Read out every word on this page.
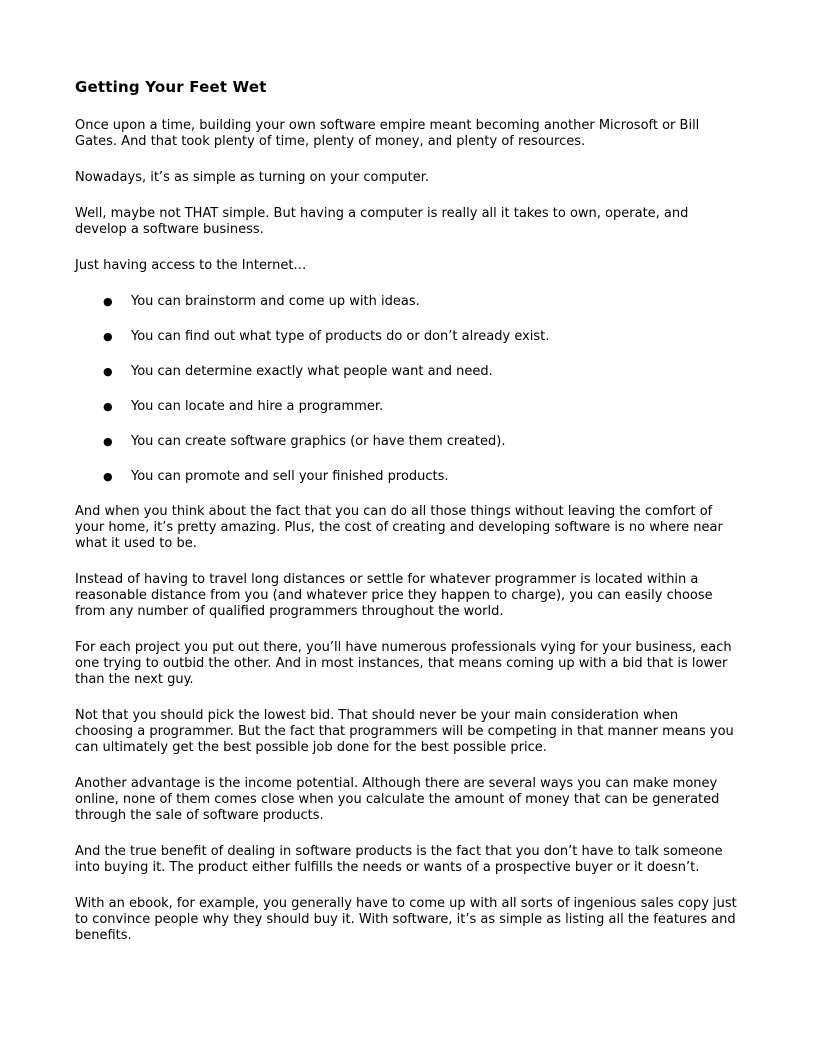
Getting Your Feet Wet

Once upon a time, building your own software empire meant becoming another Microsoft or Bill Gates. And that took plenty of time, plenty of money, and plenty of resources.

Nowadays, it’s as simple as turning on your computer.

Well, maybe not THAT simple. But having a computer is really all it takes to own, operate, and develop a software business.

Just having access to the Internet…

● You can brainstorm and come up with ideas.
● You can find out what type of products do or don’t already exist.
● You can determine exactly what people want and need.
● You can locate and hire a programmer.
● You can create software graphics (or have them created).
● You can promote and sell your finished products.

And when you think about the fact that you can do all those things without leaving the comfort of your home, it’s pretty amazing. Plus, the cost of creating and developing software is no where near what it used to be.

Instead of having to travel long distances or settle for whatever programmer is located within a reasonable distance from you (and whatever price they happen to charge), you can easily choose from any number of qualified programmers throughout the world.

For each project you put out there, you’ll have numerous professionals vying for your business, each one trying to outbid the other. And in most instances, that means coming up with a bid that is lower than the next guy.

Not that you should pick the lowest bid. That should never be your main consideration when choosing a programmer. But the fact that programmers will be competing in that manner means you can ultimately get the best possible job done for the best possible price.

Another advantage is the income potential. Although there are several ways you can make money online, none of them comes close when you calculate the amount of money that can be generated through the sale of software products.

And the true benefit of dealing in software products is the fact that you don’t have to talk someone into buying it. The product either fulfills the needs or wants of a prospective buyer or it doesn’t.

With an ebook, for example, you generally have to come up with all sorts of ingenious sales copy just to convince people why they should buy it. With software, it’s as simple as listing all the features and benefits.
